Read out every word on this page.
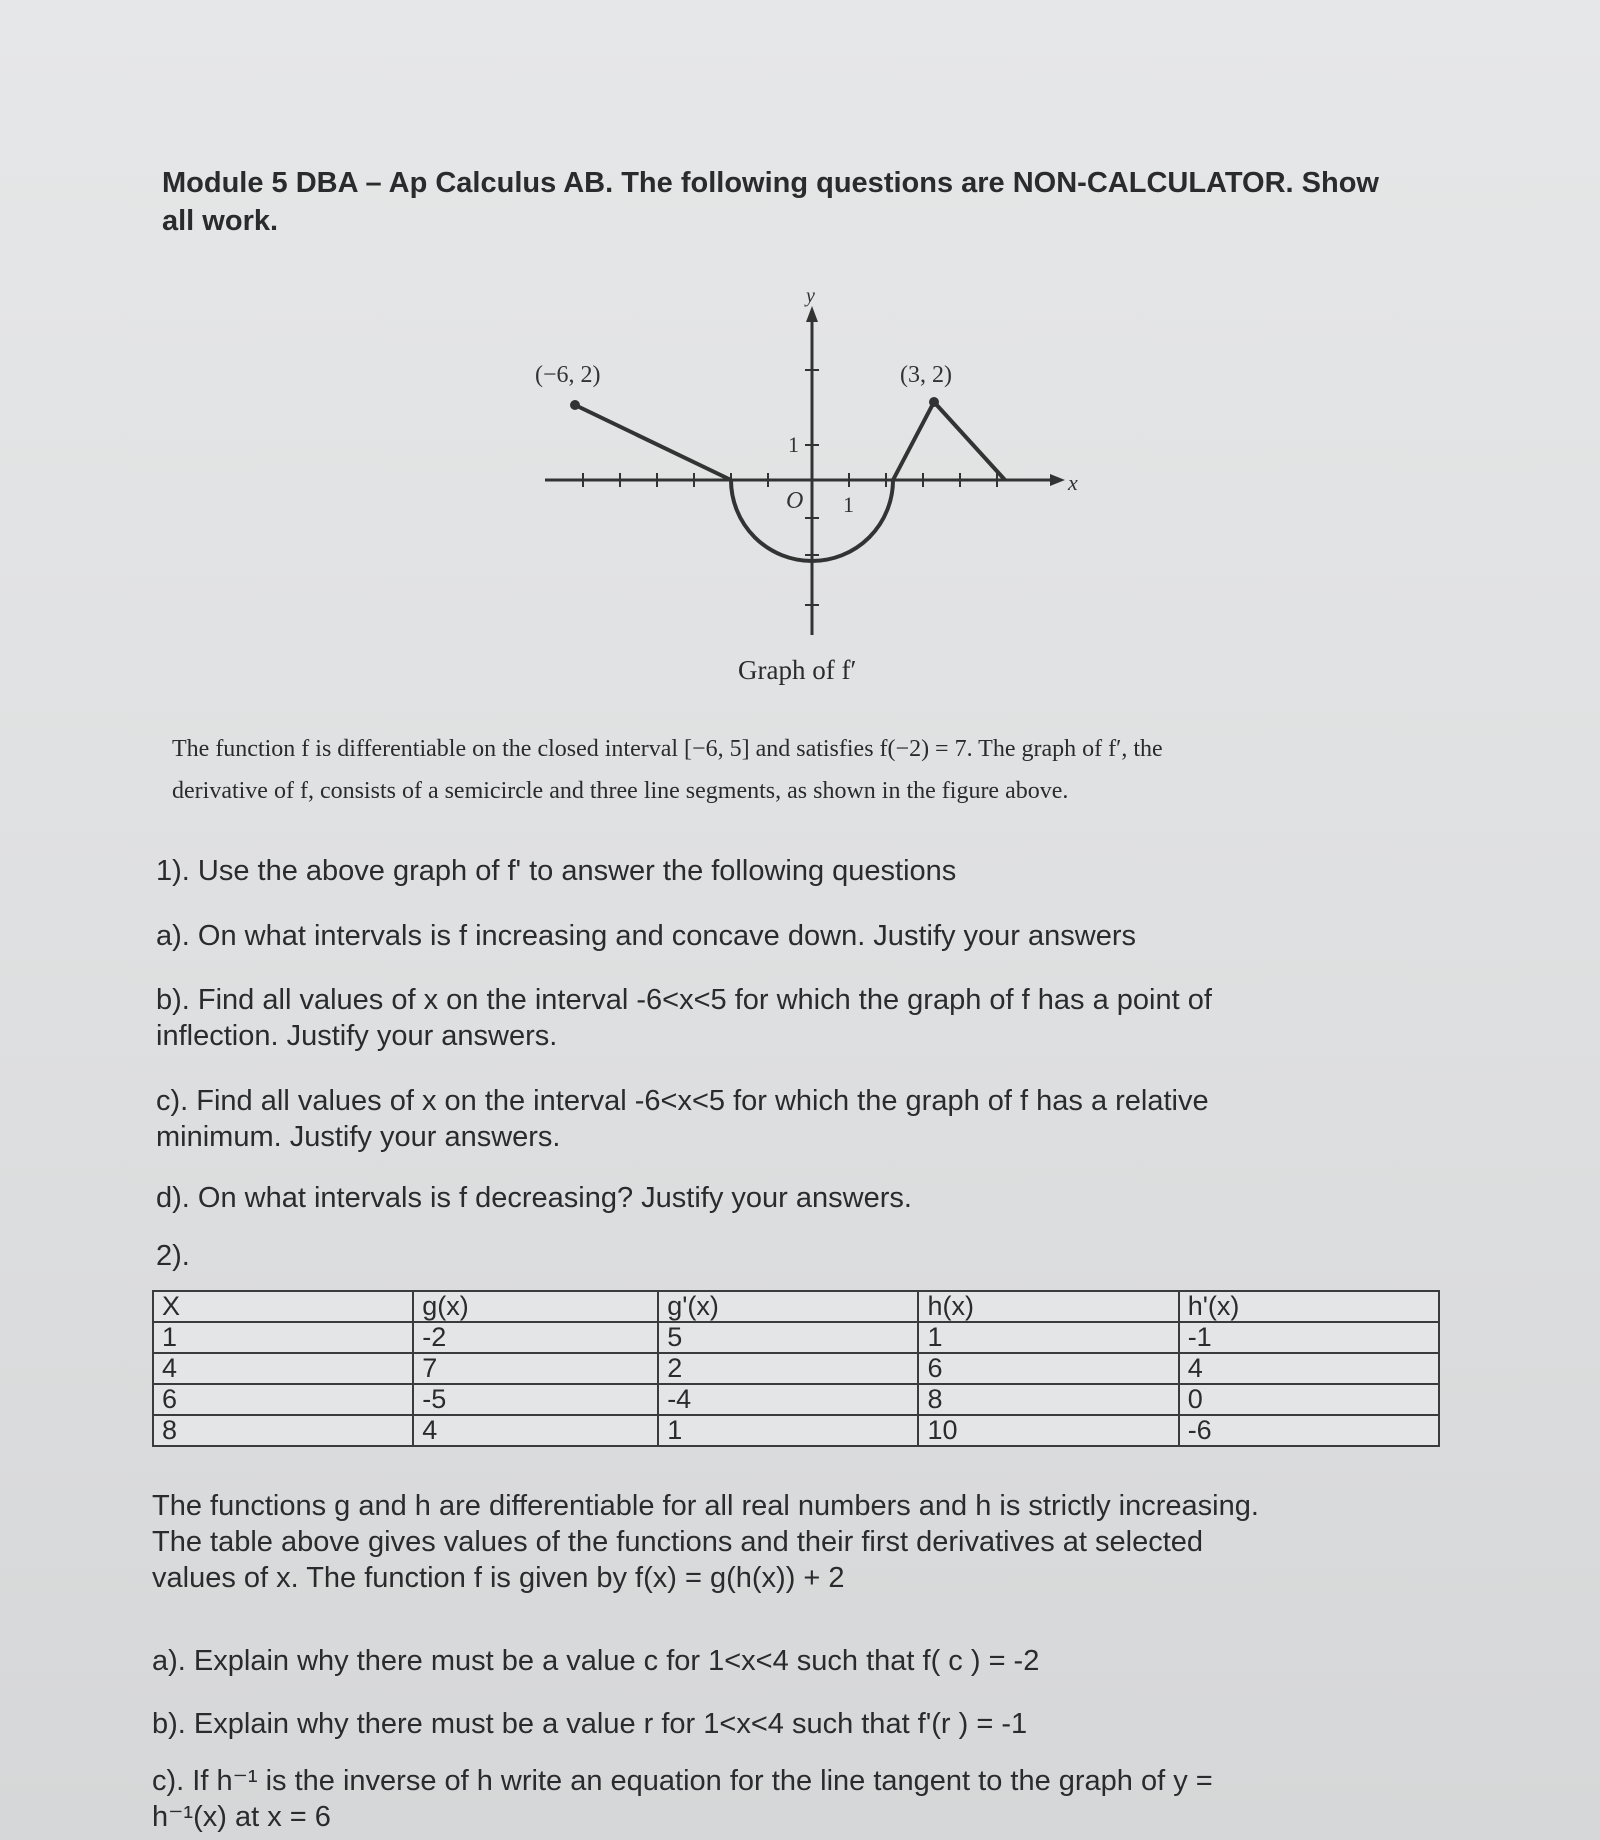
Module 5 DBA – Ap Calculus AB. The following questions are NON-CALCULATOR. Show
all work.
(−6, 2)	(3, 2)
x
y
O 1
1
Graph of f′
The function f is differentiable on the closed interval [−6, 5] and satisfies f(−2) = 7. The graph of f′, the
derivative of f, consists of a semicircle and three line segments, as shown in the figure above.
1). Use the above graph of f' to answer the following questions
a). On what intervals is f increasing and concave down. Justify your answers
b). Find all values of x on the interval -6<x<5 for which the graph of f has a point of
inflection. Justify your answers.
c). Find all values of x on the interval -6<x<5 for which the graph of f has a relative
minimum. Justify your answers.
d). On what intervals is f decreasing? Justify your answers.
2).
X	g(x)	g'(x)	h(x)	h'(x)
1	-2	5	1	-1
4	7	2	6	4
6	-5	-4	8	0
8	4	1	10	-6
The functions g and h are differentiable for all real numbers and h is strictly increasing.
The table above gives values of the functions and their first derivatives at selected
values of x. The function f is given by f(x) = g(h(x)) + 2
a). Explain why there must be a value c for 1<x<4 such that f( c ) = -2
b). Explain why there must be a value r for 1<x<4 such that f'(r ) = -1
c). If h⁻¹ is the inverse of h write an equation for the line tangent to the graph of y =
h⁻¹(x) at x = 6
